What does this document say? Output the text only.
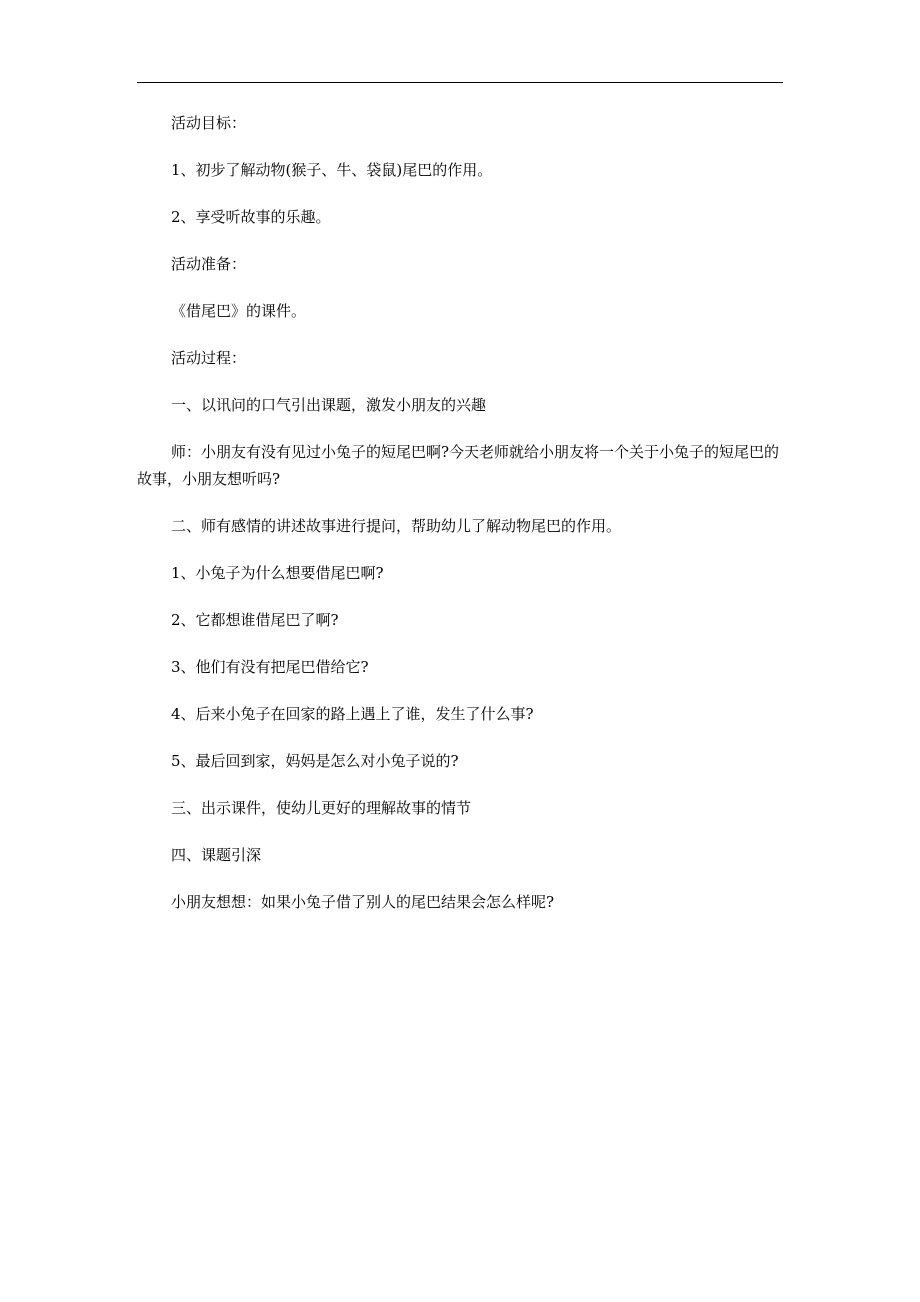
活动目标：

1、初步了解动物(猴子、牛、袋鼠)尾巴的作用。

2、享受听故事的乐趣。

活动准备：

《借尾巴》的课件。

活动过程：

一、以讯问的口气引出课题，激发小朋友的兴趣

师：小朋友有没有见过小兔子的短尾巴啊?今天老师就给小朋友将一个关于小兔子的短尾巴的故事，小朋友想听吗?

二、师有感情的讲述故事进行提问，帮助幼儿了解动物尾巴的作用。

1、小兔子为什么想要借尾巴啊?

2、它都想谁借尾巴了啊?

3、他们有没有把尾巴借给它?

4、后来小兔子在回家的路上遇上了谁，发生了什么事?

5、最后回到家，妈妈是怎么对小兔子说的?

三、出示课件，使幼儿更好的理解故事的情节

四、课题引深

小朋友想想：如果小兔子借了别人的尾巴结果会怎么样呢?
